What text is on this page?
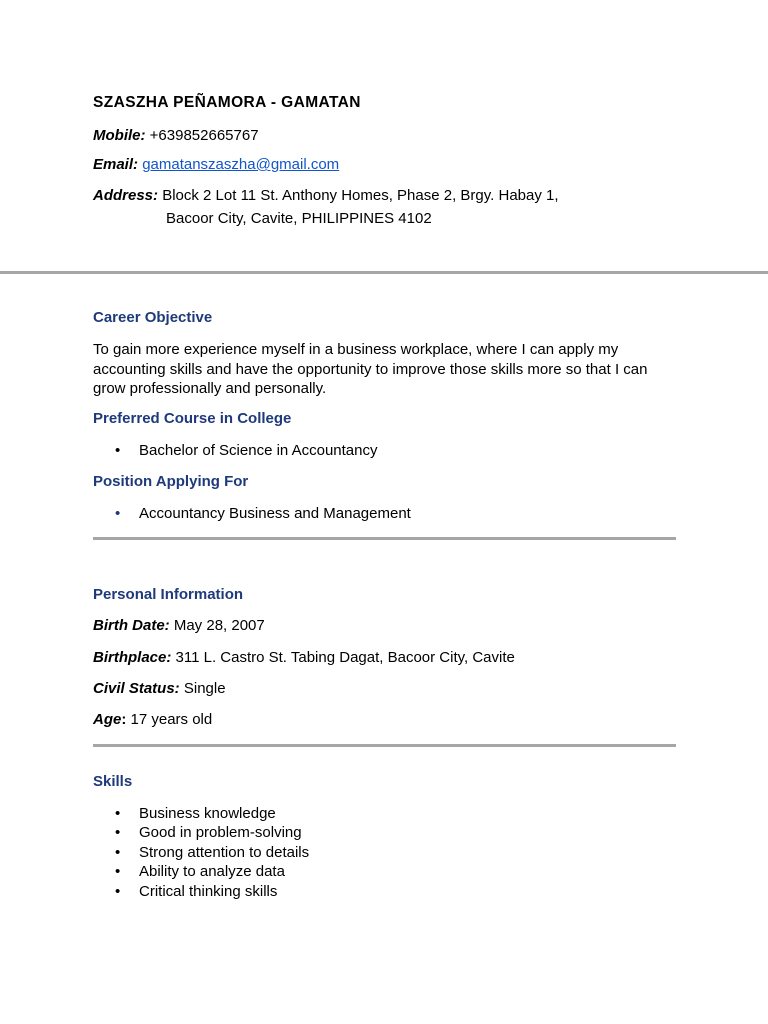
SZASZHA PEÑAMORA - GAMATAN
Mobile: +639852665767
Email: gamatanszaszha@gmail.com
Address: Block 2 Lot 11 St. Anthony Homes, Phase 2, Brgy. Habay 1,
Bacoor City, Cavite, PHILIPPINES 4102
Career Objective
To gain more experience myself in a business workplace, where I can apply my accounting skills and have the opportunity to improve those skills more so that I can grow professionally and personally.
Preferred Course in College
• Bachelor of Science in Accountancy
Position Applying For
• Accountancy Business and Management
Personal Information
Birth Date: May 28, 2007
Birthplace: 311 L. Castro St. Tabing Dagat, Bacoor City, Cavite
Civil Status: Single
Age: 17 years old
Skills
• Business knowledge
• Good in problem-solving
• Strong attention to details
• Ability to analyze data
• Critical thinking skills
